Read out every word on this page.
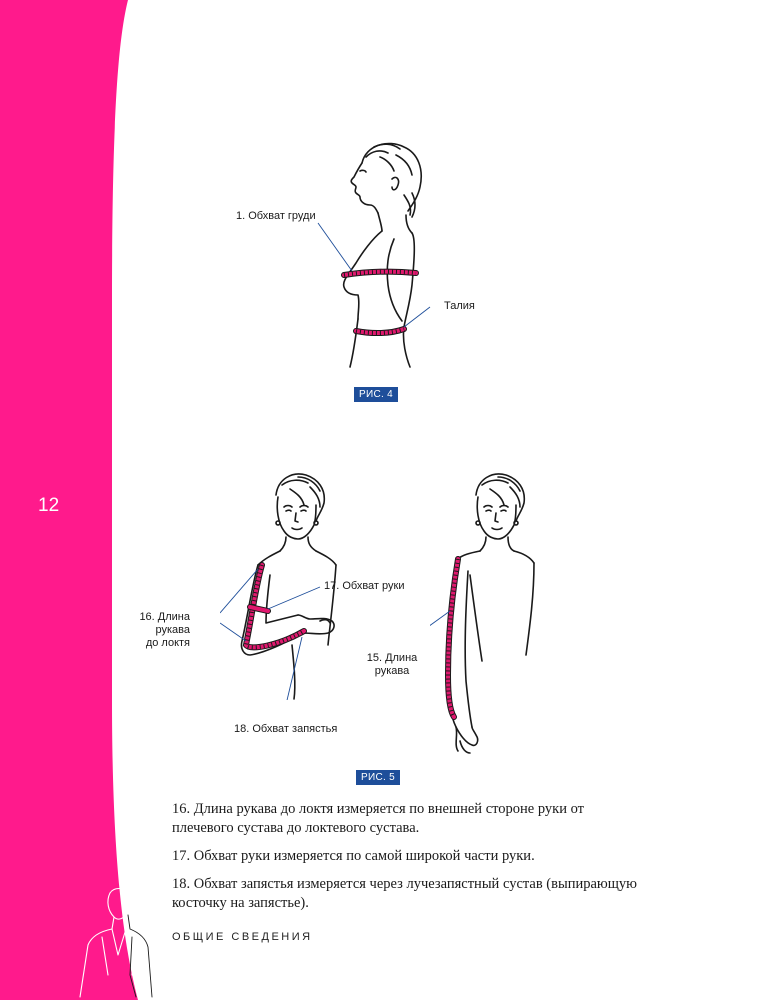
12
1. Обхват груди
Талия
РИС. 4
16. Длина
рукава
до локтя
17. Обхват руки
18. Обхват запястья
15. Длина
рукава
РИС. 5

16. Длина рукава до локтя измеряется по внешней стороне руки от плечевого сустава до локтевого сустава.

17. Обхват руки измеряется по самой широкой части руки.

18. Обхват запястья измеряется через лучезапястный сустав (выпирающую косточку на запястье).

ОБЩИЕ СВЕДЕНИЯ
